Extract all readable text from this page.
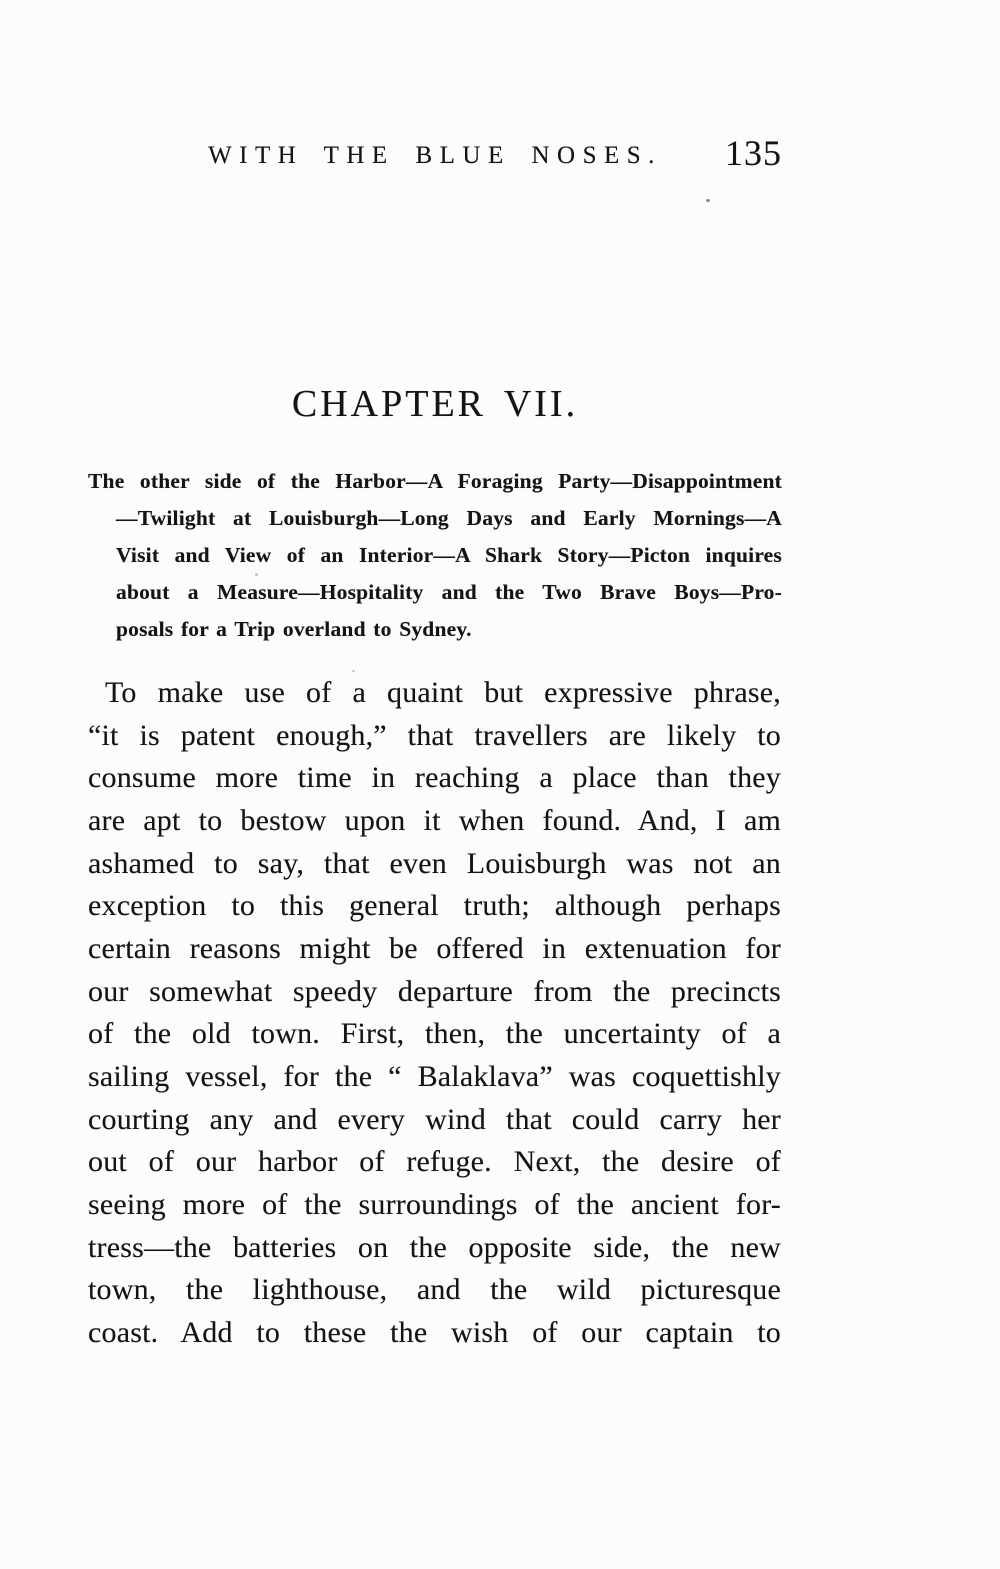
WITH THE BLUE NOSES.	135
CHAPTER VII.
The other side of the Harbor—A Foraging Party—Disappointment
—Twilight at Louisburgh—Long Days and Early Mornings—A
Visit and View of an Interior—A Shark Story—Picton inquires
about a Measure—Hospitality and the Two Brave Boys—Pro-
posals for a Trip overland to Sydney.
To make use of a quaint but expressive phrase,
“it is patent enough,” that travellers are likely to
consume more time in reaching a place than they
are apt to bestow upon it when found. And, I am
ashamed to say, that even Louisburgh was not an
exception to this general truth; although perhaps
certain reasons might be offered in extenuation for
our somewhat speedy departure from the precincts
of the old town. First, then, the uncertainty of a
sailing vessel, for the “ Balaklava” was coquettishly
courting any and every wind that could carry her
out of our harbor of refuge. Next, the desire of
seeing more of the surroundings of the ancient for-
tress—the batteries on the opposite side, the new
town, the lighthouse, and the wild picturesque
coast. Add to these the wish of our captain to
